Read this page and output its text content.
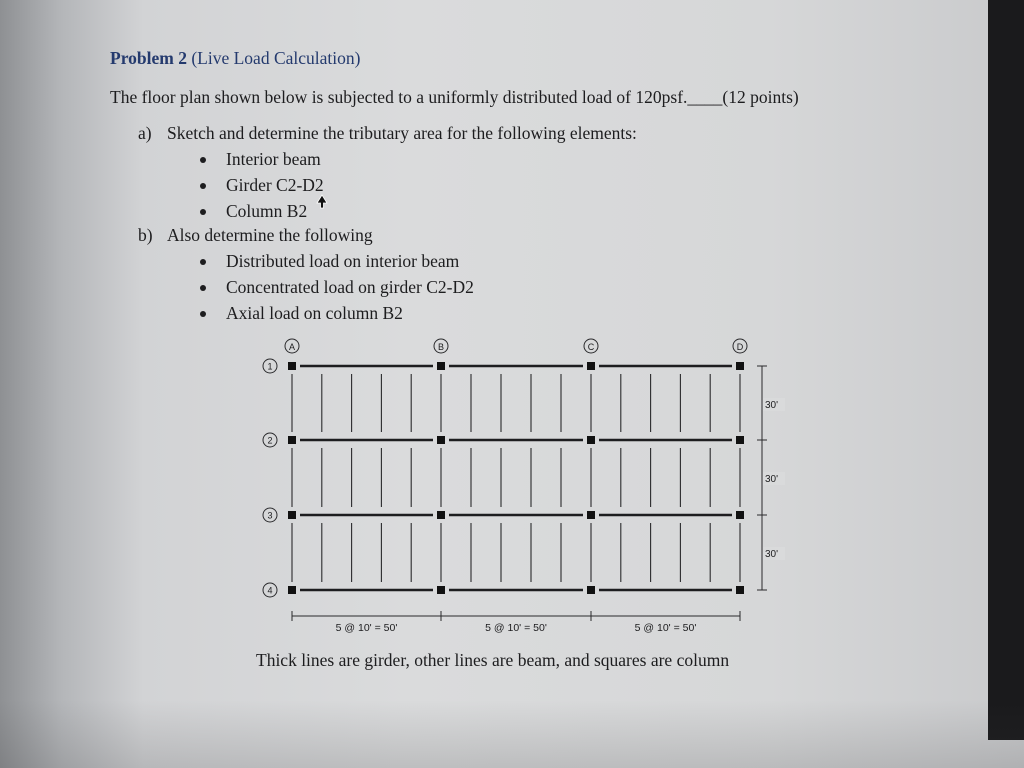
Problem 2 (Live Load Calculation)
The floor plan shown below is subjected to a uniformly distributed load of 120psf.____(12 points)
a) Sketch and determine the tributary area for the following elements:
Interior beam
Girder C2-D2
Column B2
b) Also determine the following
Distributed load on interior beam
Concentrated load on girder C2-D2
Axial load on column B2
A	B	C	D
1
2
3
4
30'
30'
30'
5 @ 10' = 50'	5 @ 10' = 50'	5 @ 10' = 50'
Thick lines are girder, other lines are beam, and squares are column
